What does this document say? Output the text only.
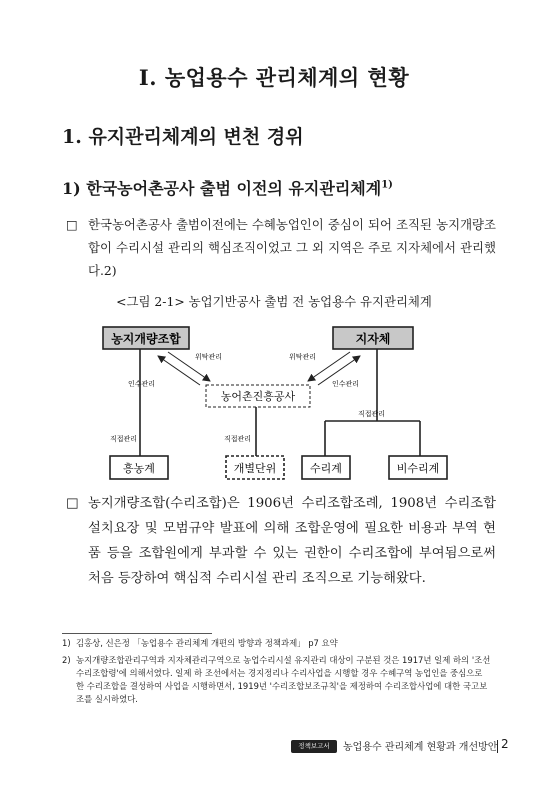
I. 농업용수 관리체계의 현황
1. 유지관리체계의 변천 경위
1) 한국농어촌공사 출범 이전의 유지관리체계$^{1)}$
□ 한국농어촌공사 출범이전에는 수혜농업인이 중심이 되어 조직된 농지개량조합이 수리시설 관리의 핵심조직이었고 그 외 지역은 주로 지자체에서 관리했다.2)
<그림 2-1> 농업기반공사 출범 전 농업용수 유지관리체계
농지개량조합	지자체
농어촌진흥공사
위탁관리
인수관리
위탁관리
인수관리
직접관리	직접관리
직접관리
흥농계	개별단위	수리계	비수리계
□ 농지개량조합(수리조합)은 1906년 수리조합조례, 1908년 수리조합 설치요장 및 모범규약 발표에 의해 조합운영에 필요한 비용과 부역 현품 등을 조합원에게 부과할 수 있는 권한이 수리조합에 부여됨으로써 처음 등장하여 핵심적 수리시설 관리 조직으로 기능해왔다.
1) 김홍상, 신은정 「농업용수 관리체계 개편의 방향과 정책과제」 p7 요약
2) 농지개량조합관리구역과 지자체관리구역으로 농업수리시설 유지관리 대상이 구분된 것은 1917년 일제 하의 '조선수리조합령'에 의해서였다. 일제 하 조선에서는 경지정리나 수리사업을 시행할 경우 수혜구역 농업인을 중심으로 한 수리조합을 결성하여 사업을 시행하면서, 1919년 '수리조합보조규칙'을 제정하여 수리조합사업에 대한 국고보조를 실시하였다.
정책보고서	농업용수 관리체계 현황과 개선방안 2
